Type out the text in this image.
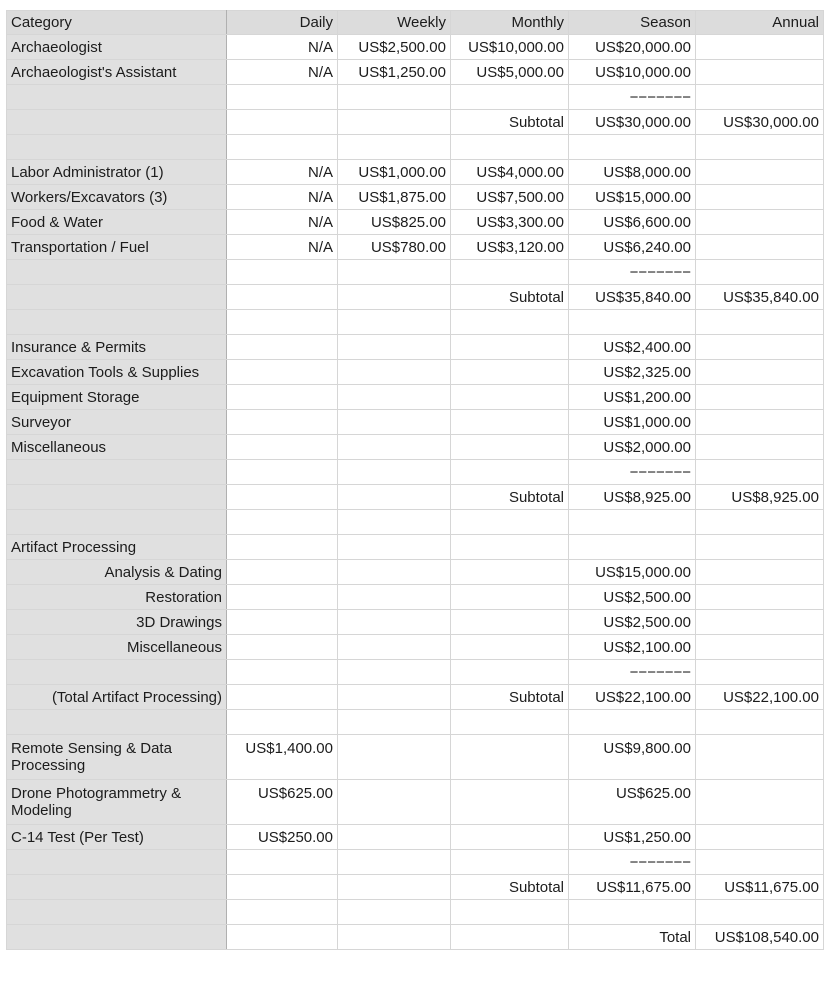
Category	Daily	Weekly	Monthly	Season	Annual
Archaeologist	N/A	US$2,500.00	US$10,000.00	US$20,000.00	
Archaeologist's Assistant	N/A	US$1,250.00	US$5,000.00	US$10,000.00	
				−−−−−−−	
			Subtotal	US$30,000.00	US$30,000.00

Labor Administrator (1)	N/A	US$1,000.00	US$4,000.00	US$8,000.00	
Workers/Excavators (3)	N/A	US$1,875.00	US$7,500.00	US$15,000.00	
Food & Water	N/A	US$825.00	US$3,300.00	US$6,600.00	
Transportation / Fuel	N/A	US$780.00	US$3,120.00	US$6,240.00	
				−−−−−−−	
			Subtotal	US$35,840.00	US$35,840.00

Insurance & Permits				US$2,400.00	
Excavation Tools & Supplies				US$2,325.00	
Equipment Storage				US$1,200.00	
Surveyor				US$1,000.00	
Miscellaneous				US$2,000.00	
				−−−−−−−	
			Subtotal	US$8,925.00	US$8,925.00

Artifact Processing					
Analysis & Dating				US$15,000.00	
Restoration				US$2,500.00	
3D Drawings				US$2,500.00	
Miscellaneous				US$2,100.00	
				−−−−−−−	
(Total Artifact Processing)			Subtotal	US$22,100.00	US$22,100.00

Remote Sensing & Data Processing	US$1,400.00			US$9,800.00	
Drone Photogrammetry & Modeling	US$625.00			US$625.00	
C-14 Test (Per Test)	US$250.00			US$1,250.00	
				−−−−−−−	
			Subtotal	US$11,675.00	US$11,675.00

				Total	US$108,540.00
